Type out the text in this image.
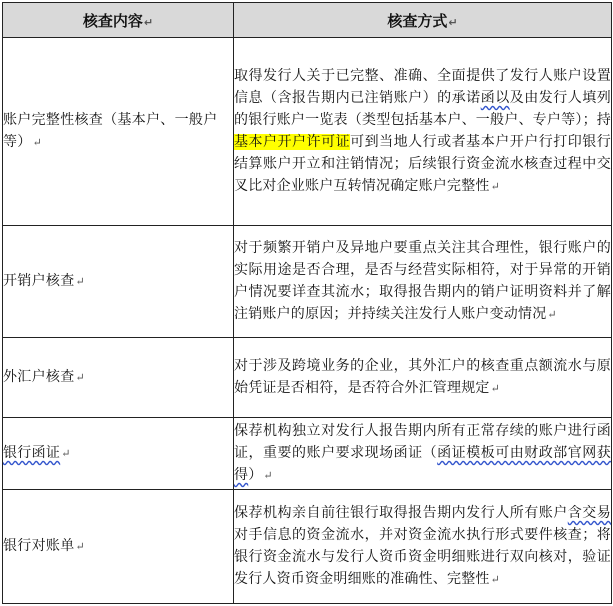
核查内容↵	核查方式↵
账户完整性核查（基本户、一般户等）↵	取得发行人关于已完整、准确、全面提供了发行人账户设置信息（含报告期内已注销账户）的承诺函以及由发行人填列的银行账户一览表（类型包括基本户、一般户、专户等）；持基本户开户许可证可到当地人行或者基本户开户行打印银行结算账户开立和注销情况；后续银行资金流水核查过程中交叉比对企业账户互转情况确定账户完整性↵
开销户核查↵	对于频繁开销户及异地户要重点关注其合理性，银行账户的实际用途是否合理，是否与经营实际相符，对于异常的开销户情况要详查其流水；取得报告期内的销户证明资料并了解注销账户的原因；并持续关注发行人账户变动情况↵
外汇户核查↵	对于涉及跨境业务的企业，其外汇户的核查重点额流水与原始凭证是否相符，是否符合外汇管理规定↵
银行函证↵	保荐机构独立对发行人报告期内所有正常存续的账户进行函证，重要的账户要求现场函证（函证模板可由财政部官网获得）↵
银行对账单↵	保荐机构亲自前往银行取得报告期内发行人所有账户含交易对手信息的资金流水，并对资金流水执行形式要件核查；将银行资金流水与发行人资币资金明细账进行双向核对，验证发行人资币资金明细账的准确性、完整性↵
